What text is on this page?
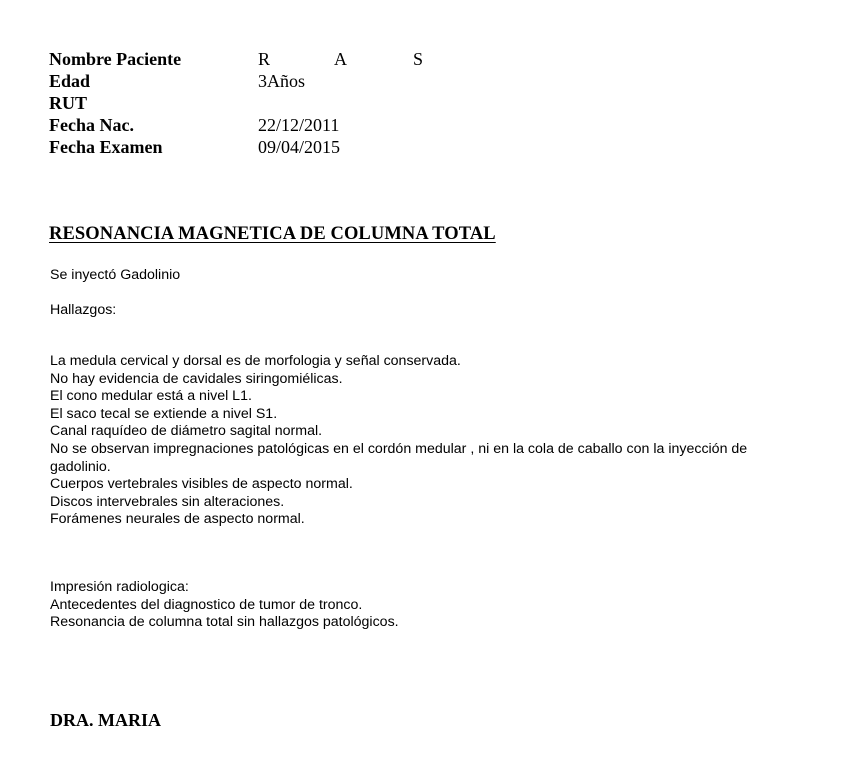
Nombre Paciente	R	A	S
Edad	3Años
RUT
Fecha Nac.	22/12/2011
Fecha Examen	09/04/2015
RESONANCIA MAGNETICA DE COLUMNA TOTAL
Se inyectó Gadolinio
Hallazgos:
La medula cervical y dorsal es de morfologia y señal conservada.
No hay evidencia de cavidales siringomiélicas.
El cono medular está a nivel L1.
El saco tecal se extiende a nivel S1.
Canal raquídeo de diámetro sagital normal.
No se observan impregnaciones patológicas en el cordón medular , ni en la cola de caballo con la inyección de
gadolinio.
Cuerpos vertebrales visibles de aspecto normal.
Discos intervebrales sin alteraciones.
Forámenes neurales de aspecto normal.
Impresión radiologica:
Antecedentes del diagnostico de tumor de tronco.
Resonancia de columna total sin hallazgos patológicos.
DRA. MARIA
